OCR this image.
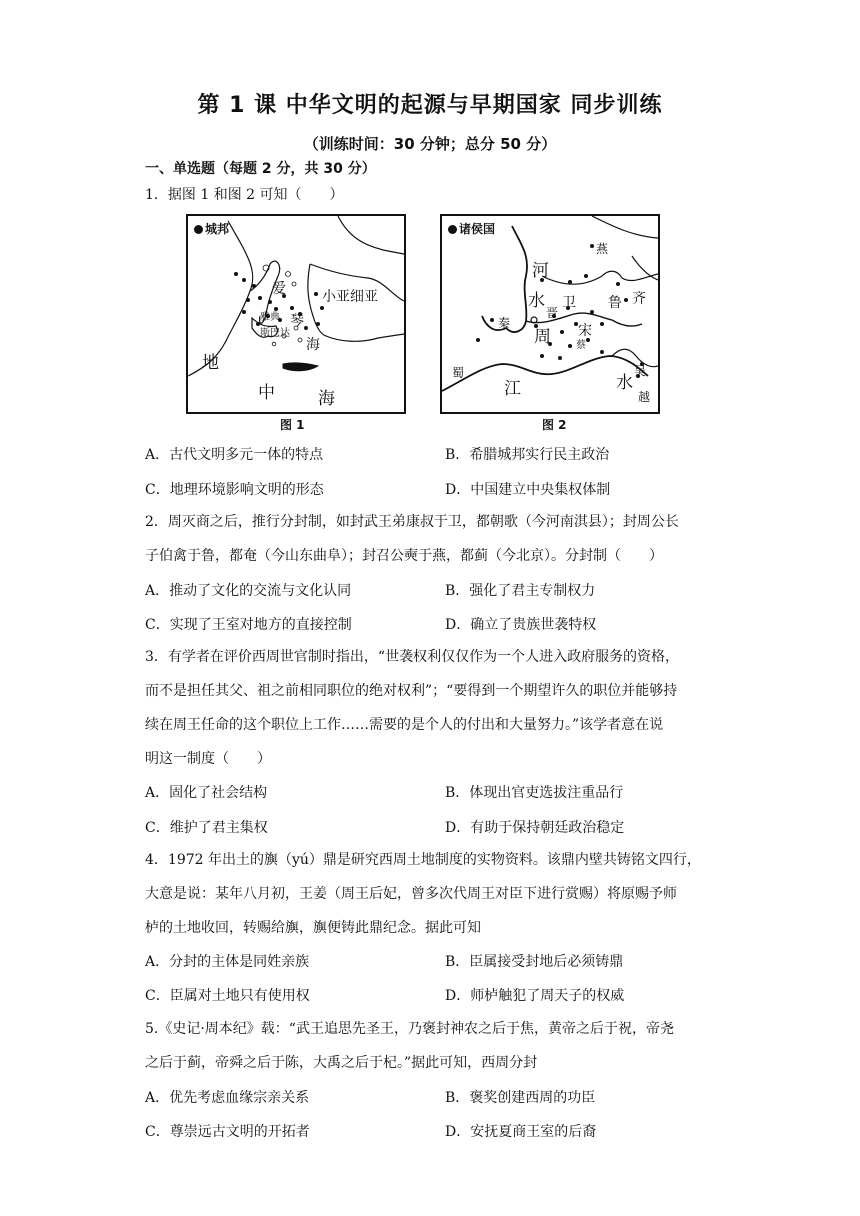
第 1 课 中华文明的起源与早期国家 同步训练
（训练时间：30 分钟；总分 50 分）
一、单选题（每题 2 分，共 30 分）
1．据图 1 和图 2 可知（　　）
城邦
爱
琴
小亚细亚
雅典
斯巴达
海
地
中	海
图 1
诸侯国
燕
河
水 卫
晋
鲁 齐
秦
周 宋
蔡
蜀
江	水
吴
越
图 2
A．古代文明多元一体的特点	B．希腊城邦实行民主政治
C．地理环境影响文明的形态	D．中国建立中央集权体制
2．周灭商之后，推行分封制，如封武王弟康叔于卫，都朝歌（今河南淇县）；封周公长
子伯禽于鲁，都奄（今山东曲阜）；封召公奭于燕，都蓟（今北京）。分封制（　　）
A．推动了文化的交流与文化认同	B．强化了君主专制权力
C．实现了王室对地方的直接控制	D．确立了贵族世袭特权
3．有学者在评价西周世官制时指出，“世袭权利仅仅作为一个人进入政府服务的资格，
而不是担任其父、祖之前相同职位的绝对权利”；“要得到一个期望许久的职位并能够持
续在周王任命的这个职位上工作……需要的是个人的付出和大量努力。”该学者意在说
明这一制度（　　）
A．固化了社会结构	B．体现出官吏选拔注重品行
C．维护了君主集权	D．有助于保持朝廷政治稳定
4．1972 年出土的旟（yú）鼎是研究西周土地制度的实物资料。该鼎内壁共铸铭文四行，
大意是说：某年八月初，王姜（周王后妃，曾多次代周王对臣下进行赏赐）将原赐予师
栌的土地收回，转赐给旟，旟便铸此鼎纪念。据此可知
A．分封的主体是同姓亲族	B．臣属接受封地后必须铸鼎
C．臣属对土地只有使用权	D．师栌触犯了周天子的权威
5.《史记·周本纪》载：“武王追思先圣王，乃褒封神农之后于焦，黄帝之后于祝，帝尧
之后于蓟，帝舜之后于陈，大禹之后于杞。”据此可知，西周分封
A．优先考虑血缘宗亲关系	B．褒奖创建西周的功臣
C．尊崇远古文明的开拓者	D．安抚夏商王室的后裔
